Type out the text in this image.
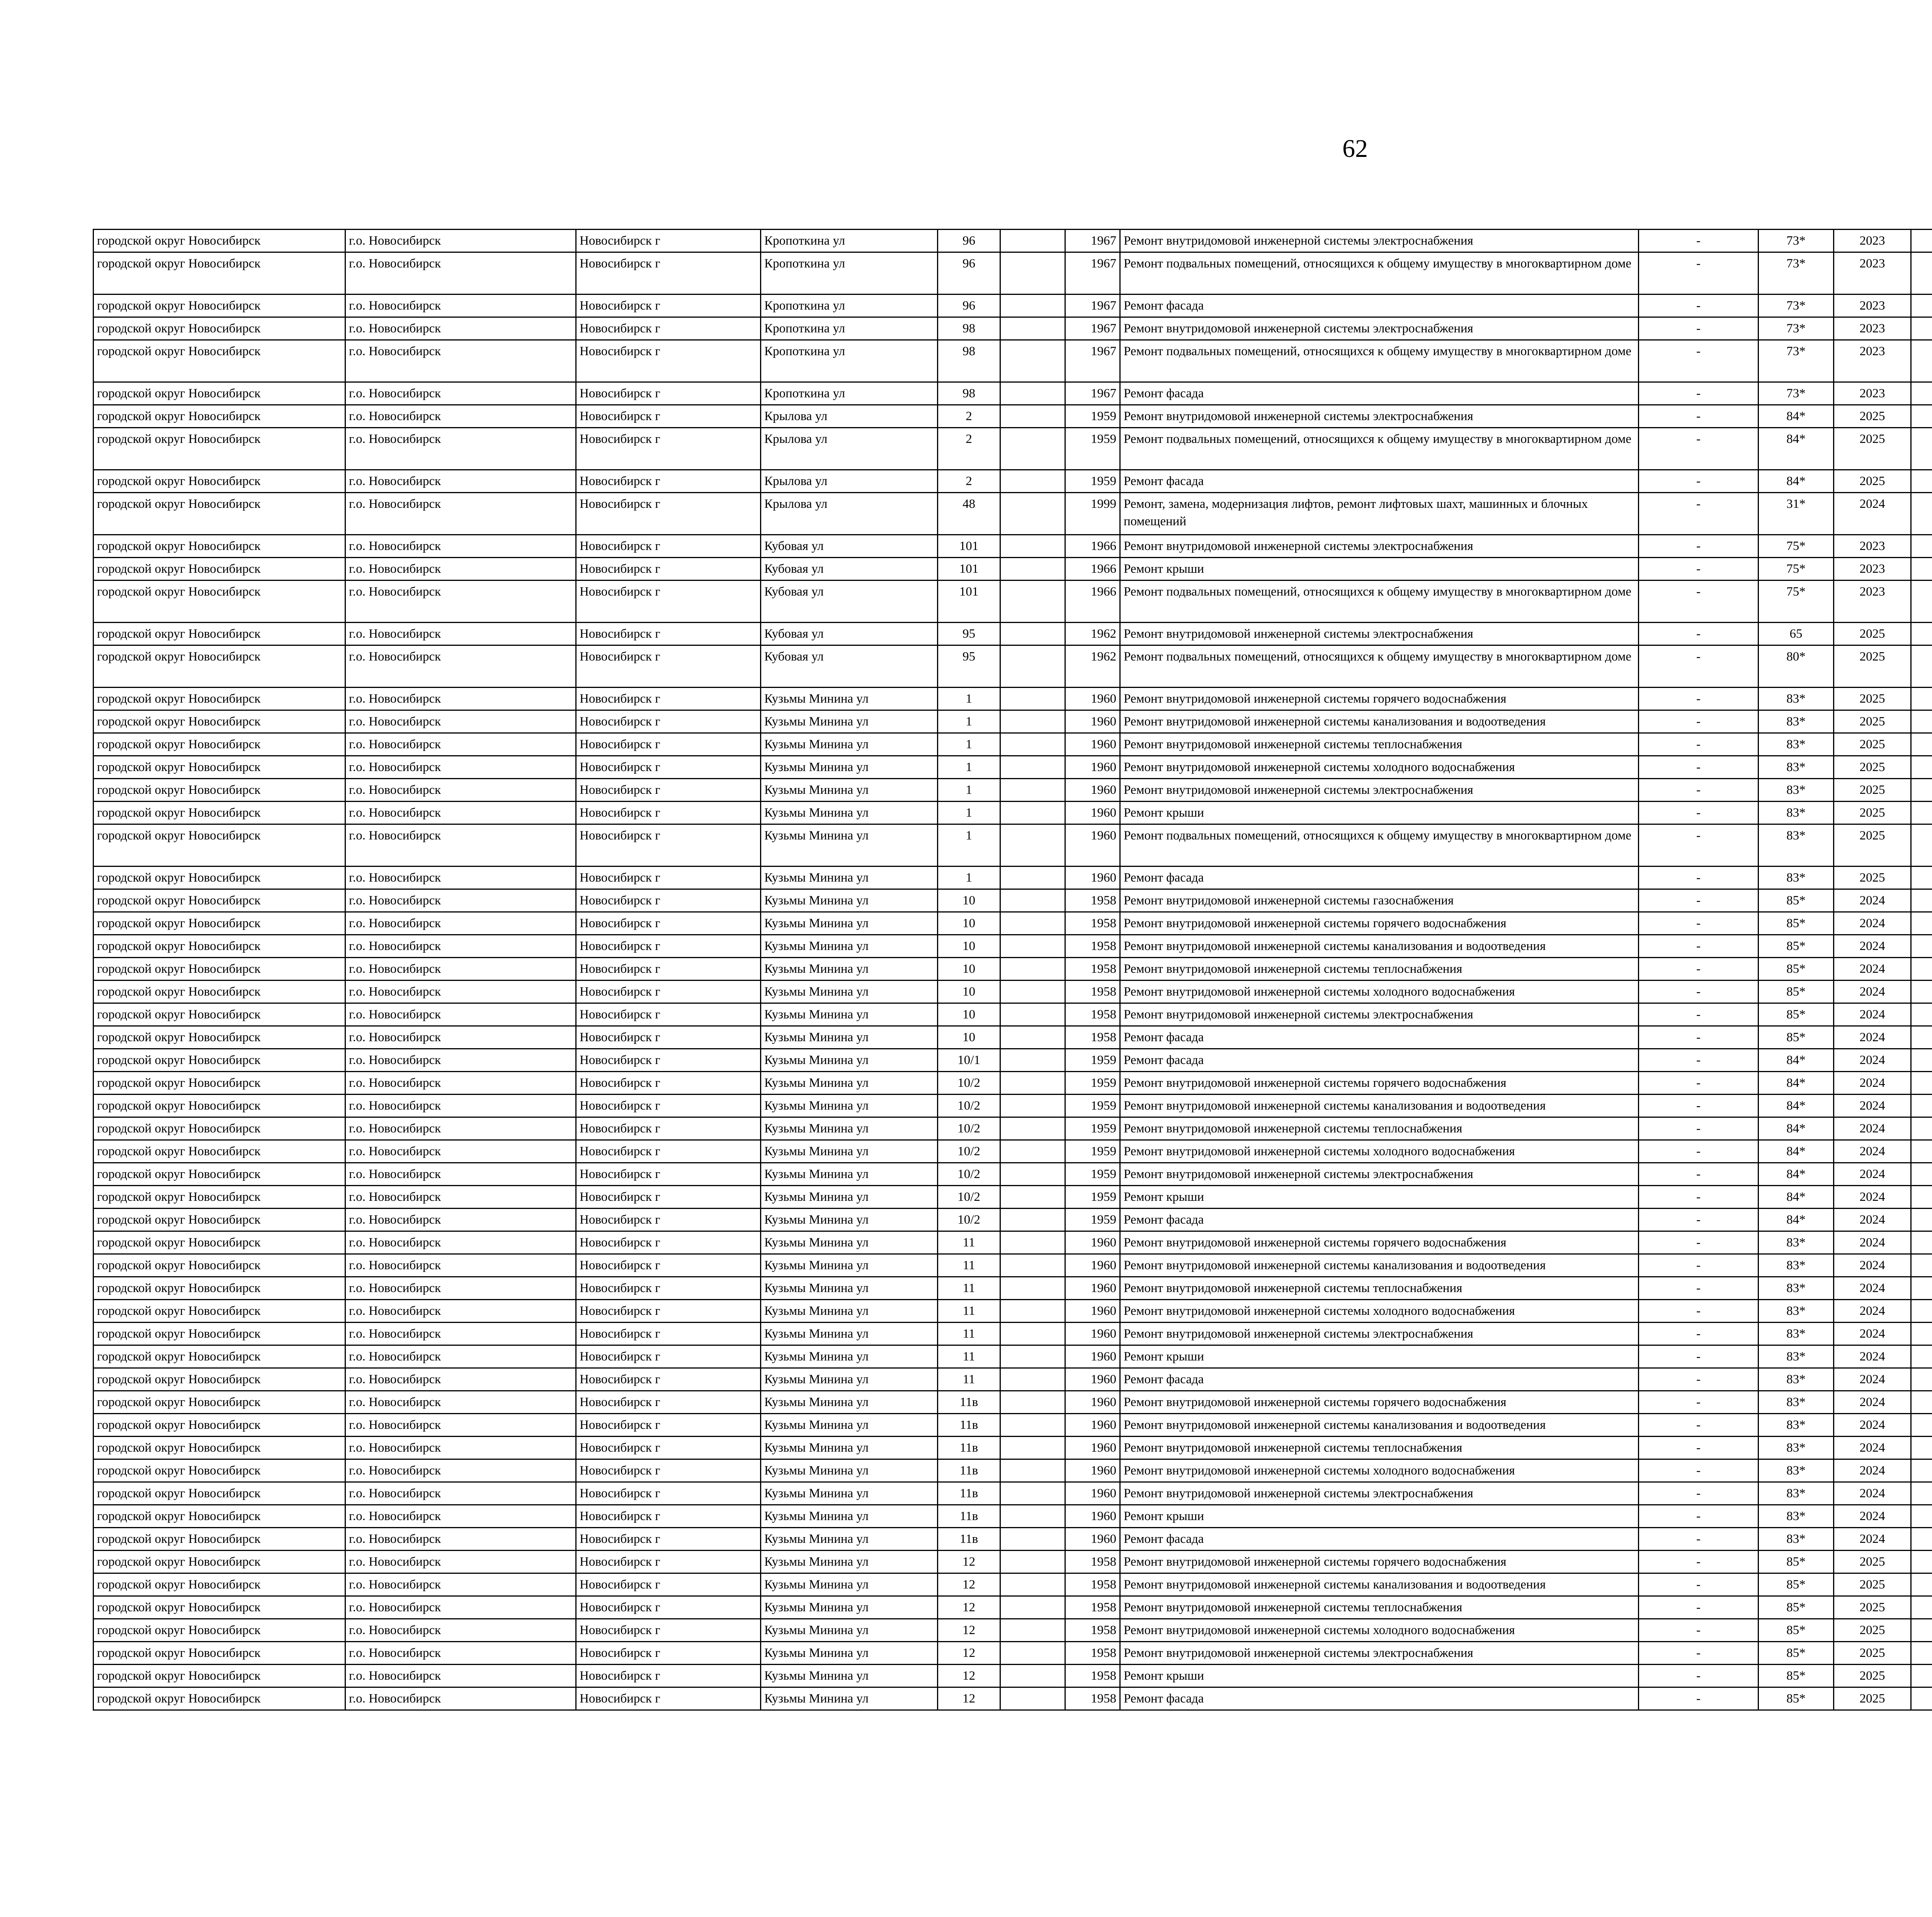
62
городской округ Новосибирск	г.о. Новосибирск	Новосибирск г	Кропоткина ул	96		1967	Ремонт внутридомовой инженерной системы электроснабжения	-	73*	2023						
городской округ Новосибирск	г.о. Новосибирск	Новосибирск г	Кропоткина ул	96		1967	Ремонт подвальных помещений, относящихся к общему имуществу в многоквартирном доме	-	73*	2023						
городской округ Новосибирск	г.о. Новосибирск	Новосибирск г	Кропоткина ул	96		1967	Ремонт фасада	-	73*	2023						
городской округ Новосибирск	г.о. Новосибирск	Новосибирск г	Кропоткина ул	98		1967	Ремонт внутридомовой инженерной системы электроснабжения	-	73*	2023						
городской округ Новосибирск	г.о. Новосибирск	Новосибирск г	Кропоткина ул	98		1967	Ремонт подвальных помещений, относящихся к общему имуществу в многоквартирном доме	-	73*	2023						
городской округ Новосибирск	г.о. Новосибирск	Новосибирск г	Кропоткина ул	98		1967	Ремонт фасада	-	73*	2023						
городской округ Новосибирск	г.о. Новосибирск	Новосибирск г	Крылова ул	2		1959	Ремонт внутридомовой инженерной системы электроснабжения	-	84*	2025						
городской округ Новосибирск	г.о. Новосибирск	Новосибирск г	Крылова ул	2		1959	Ремонт подвальных помещений, относящихся к общему имуществу в многоквартирном доме	-	84*	2025						
городской округ Новосибирск	г.о. Новосибирск	Новосибирск г	Крылова ул	2		1959	Ремонт фасада	-	84*	2025						
городской округ Новосибирск	г.о. Новосибирск	Новосибирск г	Крылова ул	48		1999	Ремонт, замена, модернизация лифтов, ремонт лифтовых шахт, машинных и блочных помещений	-	31*	2024						
городской округ Новосибирск	г.о. Новосибирск	Новосибирск г	Кубовая ул	101		1966	Ремонт внутридомовой инженерной системы электроснабжения	-	75*	2023						
городской округ Новосибирск	г.о. Новосибирск	Новосибирск г	Кубовая ул	101		1966	Ремонт крыши	-	75*	2023						
городской округ Новосибирск	г.о. Новосибирск	Новосибирск г	Кубовая ул	101		1966	Ремонт подвальных помещений, относящихся к общему имуществу в многоквартирном доме	-	75*	2023						
городской округ Новосибирск	г.о. Новосибирск	Новосибирск г	Кубовая ул	95		1962	Ремонт внутридомовой инженерной системы электроснабжения	-	65	2025						
городской округ Новосибирск	г.о. Новосибирск	Новосибирск г	Кубовая ул	95		1962	Ремонт подвальных помещений, относящихся к общему имуществу в многоквартирном доме	-	80*	2025						
городской округ Новосибирск	г.о. Новосибирск	Новосибирск г	Кузьмы Минина ул	1		1960	Ремонт внутридомовой инженерной системы горячего водоснабжения	-	83*	2025						
городской округ Новосибирск	г.о. Новосибирск	Новосибирск г	Кузьмы Минина ул	1		1960	Ремонт внутридомовой инженерной системы канализования и водоотведения	-	83*	2025						
городской округ Новосибирск	г.о. Новосибирск	Новосибирск г	Кузьмы Минина ул	1		1960	Ремонт внутридомовой инженерной системы теплоснабжения	-	83*	2025						
городской округ Новосибирск	г.о. Новосибирск	Новосибирск г	Кузьмы Минина ул	1		1960	Ремонт внутридомовой инженерной системы холодного водоснабжения	-	83*	2025						
городской округ Новосибирск	г.о. Новосибирск	Новосибирск г	Кузьмы Минина ул	1		1960	Ремонт внутридомовой инженерной системы электроснабжения	-	83*	2025						
городской округ Новосибирск	г.о. Новосибирск	Новосибирск г	Кузьмы Минина ул	1		1960	Ремонт крыши	-	83*	2025						
городской округ Новосибирск	г.о. Новосибирск	Новосибирск г	Кузьмы Минина ул	1		1960	Ремонт подвальных помещений, относящихся к общему имуществу в многоквартирном доме	-	83*	2025						
городской округ Новосибирск	г.о. Новосибирск	Новосибирск г	Кузьмы Минина ул	1		1960	Ремонт фасада	-	83*	2025						
городской округ Новосибирск	г.о. Новосибирск	Новосибирск г	Кузьмы Минина ул	10		1958	Ремонт внутридомовой инженерной системы газоснабжения	-	85*	2024						
городской округ Новосибирск	г.о. Новосибирск	Новосибирск г	Кузьмы Минина ул	10		1958	Ремонт внутридомовой инженерной системы горячего водоснабжения	-	85*	2024						
городской округ Новосибирск	г.о. Новосибирск	Новосибирск г	Кузьмы Минина ул	10		1958	Ремонт внутридомовой инженерной системы канализования и водоотведения	-	85*	2024						
городской округ Новосибирск	г.о. Новосибирск	Новосибирск г	Кузьмы Минина ул	10		1958	Ремонт внутридомовой инженерной системы теплоснабжения	-	85*	2024						
городской округ Новосибирск	г.о. Новосибирск	Новосибирск г	Кузьмы Минина ул	10		1958	Ремонт внутридомовой инженерной системы холодного водоснабжения	-	85*	2024						
городской округ Новосибирск	г.о. Новосибирск	Новосибирск г	Кузьмы Минина ул	10		1958	Ремонт внутридомовой инженерной системы электроснабжения	-	85*	2024						
городской округ Новосибирск	г.о. Новосибирск	Новосибирск г	Кузьмы Минина ул	10		1958	Ремонт фасада	-	85*	2024						
городской округ Новосибирск	г.о. Новосибирск	Новосибирск г	Кузьмы Минина ул	10/1		1959	Ремонт фасада	-	84*	2024						
городской округ Новосибирск	г.о. Новосибирск	Новосибирск г	Кузьмы Минина ул	10/2		1959	Ремонт внутридомовой инженерной системы горячего водоснабжения	-	84*	2024						
городской округ Новосибирск	г.о. Новосибирск	Новосибирск г	Кузьмы Минина ул	10/2		1959	Ремонт внутридомовой инженерной системы канализования и водоотведения	-	84*	2024						
городской округ Новосибирск	г.о. Новосибирск	Новосибирск г	Кузьмы Минина ул	10/2		1959	Ремонт внутридомовой инженерной системы теплоснабжения	-	84*	2024						
городской округ Новосибирск	г.о. Новосибирск	Новосибирск г	Кузьмы Минина ул	10/2		1959	Ремонт внутридомовой инженерной системы холодного водоснабжения	-	84*	2024						
городской округ Новосибирск	г.о. Новосибирск	Новосибирск г	Кузьмы Минина ул	10/2		1959	Ремонт внутридомовой инженерной системы электроснабжения	-	84*	2024						
городской округ Новосибирск	г.о. Новосибирск	Новосибирск г	Кузьмы Минина ул	10/2		1959	Ремонт крыши	-	84*	2024						
городской округ Новосибирск	г.о. Новосибирск	Новосибирск г	Кузьмы Минина ул	10/2		1959	Ремонт фасада	-	84*	2024						
городской округ Новосибирск	г.о. Новосибирск	Новосибирск г	Кузьмы Минина ул	11		1960	Ремонт внутридомовой инженерной системы горячего водоснабжения	-	83*	2024						
городской округ Новосибирск	г.о. Новосибирск	Новосибирск г	Кузьмы Минина ул	11		1960	Ремонт внутридомовой инженерной системы канализования и водоотведения	-	83*	2024						
городской округ Новосибирск	г.о. Новосибирск	Новосибирск г	Кузьмы Минина ул	11		1960	Ремонт внутридомовой инженерной системы теплоснабжения	-	83*	2024						
городской округ Новосибирск	г.о. Новосибирск	Новосибирск г	Кузьмы Минина ул	11		1960	Ремонт внутридомовой инженерной системы холодного водоснабжения	-	83*	2024						
городской округ Новосибирск	г.о. Новосибирск	Новосибирск г	Кузьмы Минина ул	11		1960	Ремонт внутридомовой инженерной системы электроснабжения	-	83*	2024						
городской округ Новосибирск	г.о. Новосибирск	Новосибирск г	Кузьмы Минина ул	11		1960	Ремонт крыши	-	83*	2024						
городской округ Новосибирск	г.о. Новосибирск	Новосибирск г	Кузьмы Минина ул	11		1960	Ремонт фасада	-	83*	2024						
городской округ Новосибирск	г.о. Новосибирск	Новосибирск г	Кузьмы Минина ул	11в		1960	Ремонт внутридомовой инженерной системы горячего водоснабжения	-	83*	2024						
городской округ Новосибирск	г.о. Новосибирск	Новосибирск г	Кузьмы Минина ул	11в		1960	Ремонт внутридомовой инженерной системы канализования и водоотведения	-	83*	2024						
городской округ Новосибирск	г.о. Новосибирск	Новосибирск г	Кузьмы Минина ул	11в		1960	Ремонт внутридомовой инженерной системы теплоснабжения	-	83*	2024						
городской округ Новосибирск	г.о. Новосибирск	Новосибирск г	Кузьмы Минина ул	11в		1960	Ремонт внутридомовой инженерной системы холодного водоснабжения	-	83*	2024						
городской округ Новосибирск	г.о. Новосибирск	Новосибирск г	Кузьмы Минина ул	11в		1960	Ремонт внутридомовой инженерной системы электроснабжения	-	83*	2024						
городской округ Новосибирск	г.о. Новосибирск	Новосибирск г	Кузьмы Минина ул	11в		1960	Ремонт крыши	-	83*	2024						
городской округ Новосибирск	г.о. Новосибирск	Новосибирск г	Кузьмы Минина ул	11в		1960	Ремонт фасада	-	83*	2024						
городской округ Новосибирск	г.о. Новосибирск	Новосибирск г	Кузьмы Минина ул	12		1958	Ремонт внутридомовой инженерной системы горячего водоснабжения	-	85*	2025						
городской округ Новосибирск	г.о. Новосибирск	Новосибирск г	Кузьмы Минина ул	12		1958	Ремонт внутридомовой инженерной системы канализования и водоотведения	-	85*	2025						
городской округ Новосибирск	г.о. Новосибирск	Новосибирск г	Кузьмы Минина ул	12		1958	Ремонт внутридомовой инженерной системы теплоснабжения	-	85*	2025						
городской округ Новосибирск	г.о. Новосибирск	Новосибирск г	Кузьмы Минина ул	12		1958	Ремонт внутридомовой инженерной системы холодного водоснабжения	-	85*	2025						
городской округ Новосибирск	г.о. Новосибирск	Новосибирск г	Кузьмы Минина ул	12		1958	Ремонт внутридомовой инженерной системы электроснабжения	-	85*	2025						
городской округ Новосибирск	г.о. Новосибирск	Новосибирск г	Кузьмы Минина ул	12		1958	Ремонт крыши	-	85*	2025						
городской округ Новосибирск	г.о. Новосибирск	Новосибирск г	Кузьмы Минина ул	12		1958	Ремонт фасада	-	85*	2025						
